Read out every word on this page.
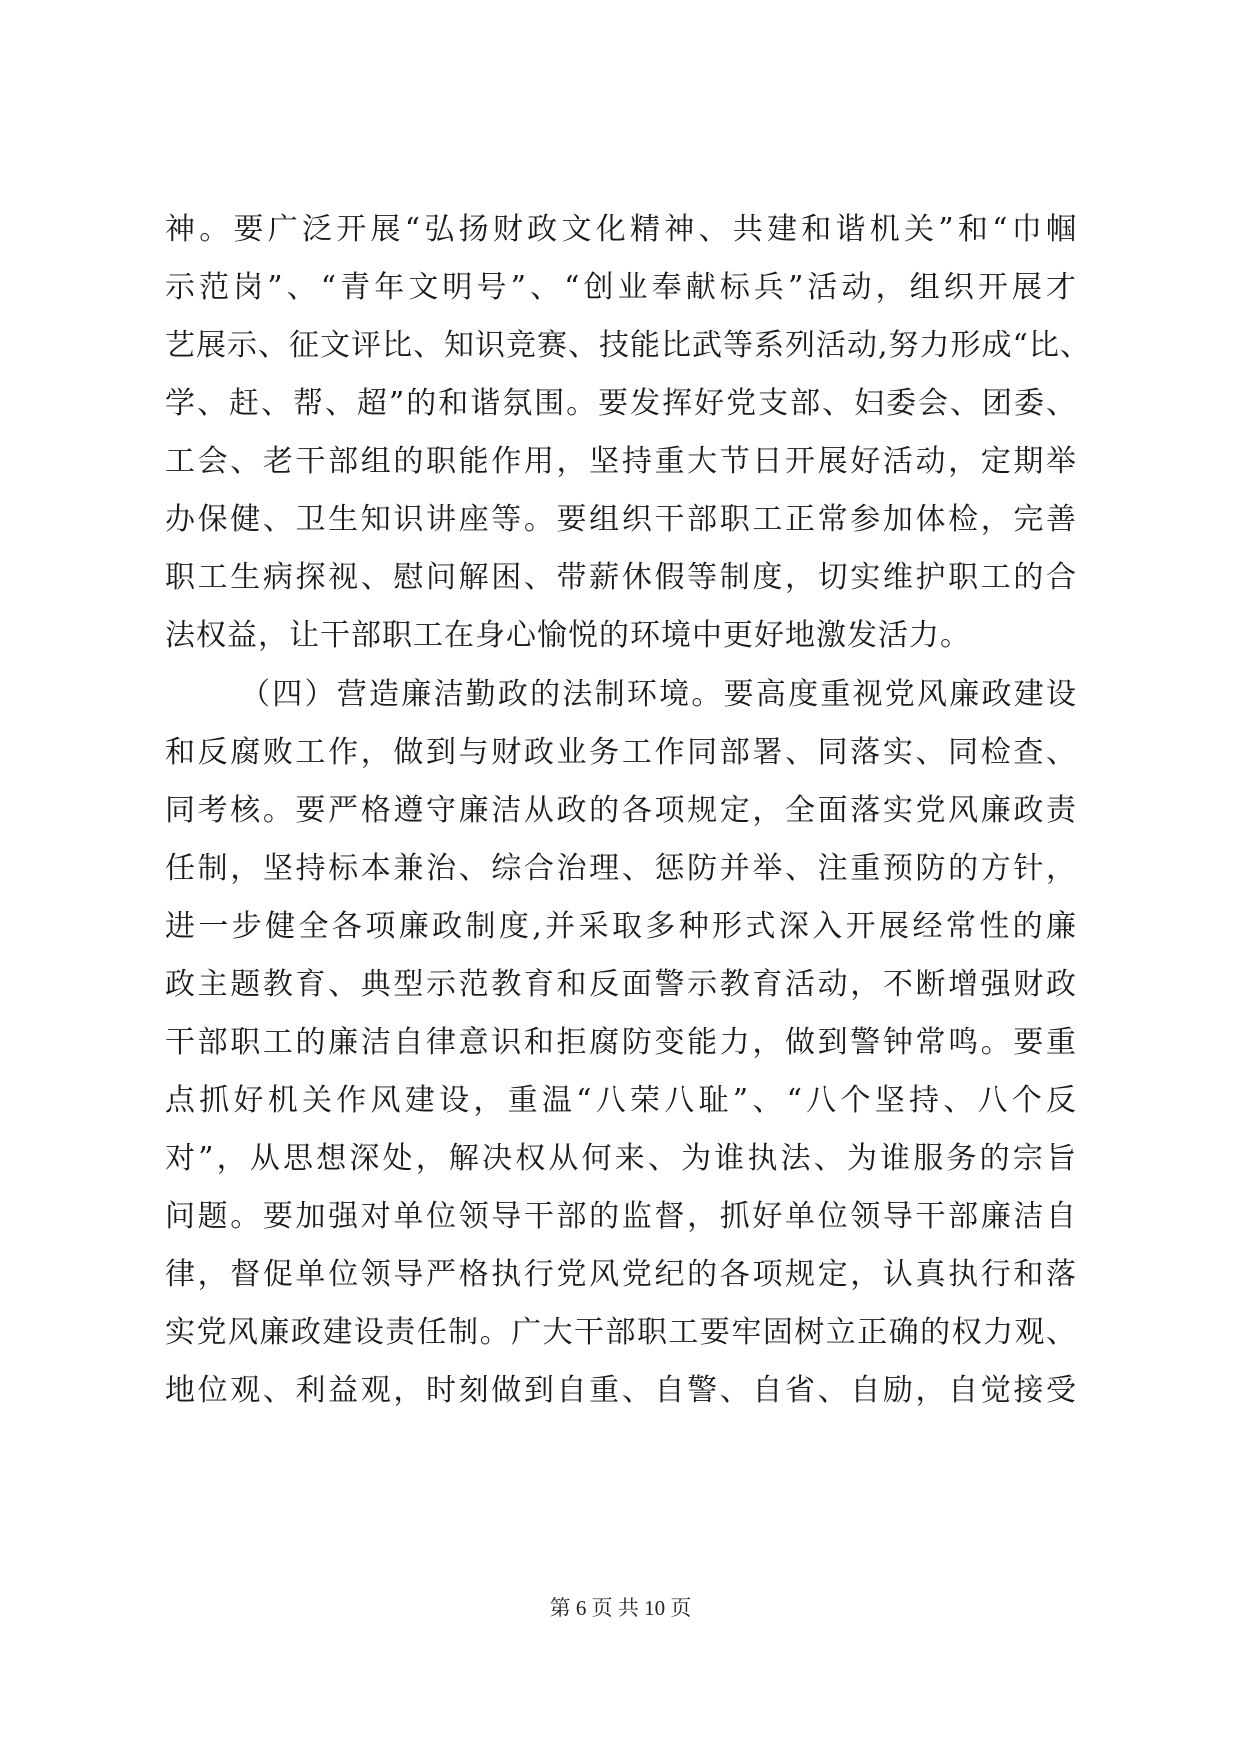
神。要广泛开展“弘扬财政文化精神、共建和谐机关”和“巾帼
示范岗”、“青年文明号”、“创业奉献标兵”活动，组织开展才
艺展示、征文评比、知识竞赛、技能比武等系列活动,努力形成“比、
学、赶、帮、超”的和谐氛围。要发挥好党支部、妇委会、团委、
工会、老干部组的职能作用，坚持重大节日开展好活动，定期举
办保健、卫生知识讲座等。要组织干部职工正常参加体检，完善
职工生病探视、慰问解困、带薪休假等制度，切实维护职工的合
法权益，让干部职工在身心愉悦的环境中更好地激发活力。
（四）营造廉洁勤政的法制环境。要高度重视党风廉政建设
和反腐败工作，做到与财政业务工作同部署、同落实、同检查、
同考核。要严格遵守廉洁从政的各项规定，全面落实党风廉政责
任制，坚持标本兼治、综合治理、惩防并举、注重预防的方针，
进一步健全各项廉政制度,并采取多种形式深入开展经常性的廉
政主题教育、典型示范教育和反面警示教育活动，不断增强财政
干部职工的廉洁自律意识和拒腐防变能力，做到警钟常鸣。要重
点抓好机关作风建设，重温“八荣八耻”、“八个坚持、八个反
对”，从思想深处，解决权从何来、为谁执法、为谁服务的宗旨
问题。要加强对单位领导干部的监督，抓好单位领导干部廉洁自
律，督促单位领导严格执行党风党纪的各项规定，认真执行和落
实党风廉政建设责任制。广大干部职工要牢固树立正确的权力观、
地位观、利益观，时刻做到自重、自警、自省、自励，自觉接受
第 6 页 共 10 页
